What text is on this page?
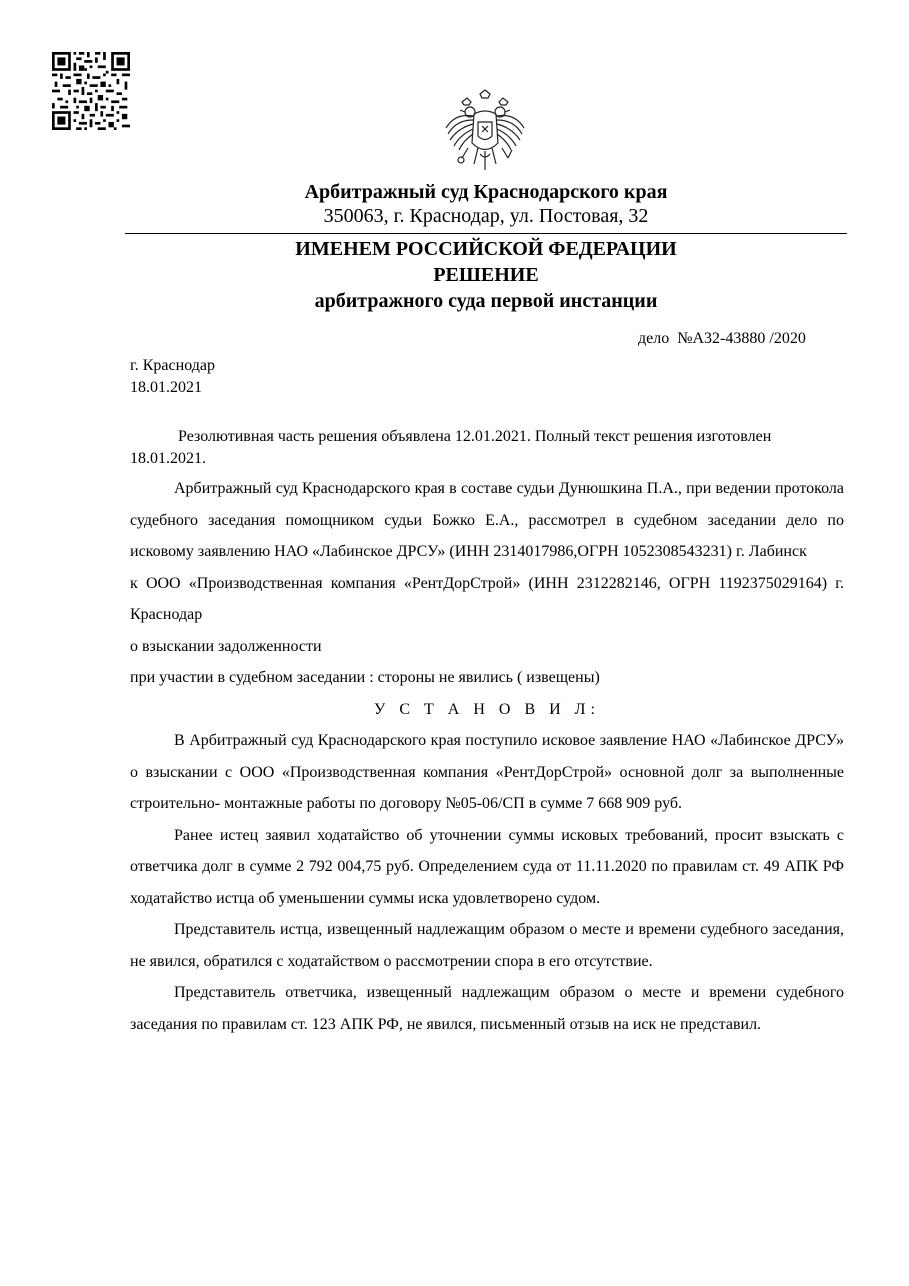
Арбитражный суд Краснодарского края
350063, г. Краснодар, ул. Постовая, 32
ИМЕНЕМ РОССИЙСКОЙ ФЕДЕРАЦИИ
РЕШЕНИЕ
арбитражного суда первой инстанции
дело  №А32-43880 /2020
г. Краснодар
18.01.2021

Резолютивная часть решения объявлена 12.01.2021. Полный текст решения изготовлен 18.01.2021.

Арбитражный суд Краснодарского края в составе судьи Дунюшкина П.А., при ведении протокола судебного заседания помощником судьи Божко Е.А., рассмотрел в судебном заседании дело по исковому заявлению НАО «Лабинское ДРСУ» (ИНН 2314017986,ОГРН 1052308543231) г. Лабинск

к ООО «Производственная компания «РентДорСтрой» (ИНН 2312282146, ОГРН 1192375029164) г. Краснодар

о взыскании задолженности

при участии в судебном заседании : стороны не явились ( извещены)

У С Т А Н О В И Л:

В Арбитражный суд Краснодарского края поступило исковое заявление НАО «Лабинское ДРСУ» о взыскании с ООО «Производственная компания «РентДорСтрой» основной долг за выполненные строительно- монтажные работы по договору №05-06/СП в сумме 7 668 909 руб.

Ранее истец заявил ходатайство об уточнении суммы исковых требований, просит взыскать с ответчика долг в сумме 2 792 004,75 руб. Определением суда от 11.11.2020 по правилам ст. 49 АПК РФ ходатайство истца об уменьшении суммы иска удовлетворено судом.

Представитель истца, извещенный надлежащим образом о месте и времени судебного заседания, не явился, обратился с ходатайством о рассмотрении спора в его отсутствие.

Представитель ответчика, извещенный надлежащим образом о месте и времени судебного заседания по правилам ст. 123 АПК РФ, не явился, письменный отзыв на иск не представил.
